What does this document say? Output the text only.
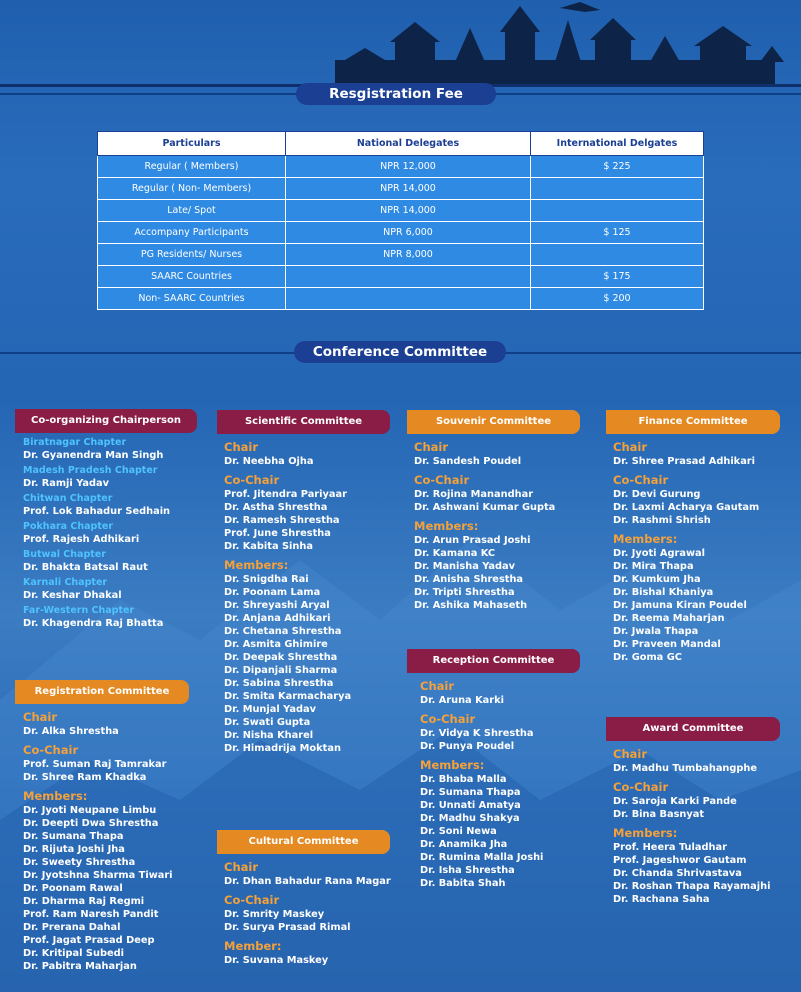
Resgistration Fee
Particulars	National Delegates	International Delgates
Regular ( Members)	NPR 12,000	$ 225
Regular ( Non- Members)	NPR 14,000	
Late/ Spot	NPR 14,000	
Accompany Participants	NPR 6,000	$ 125
PG Residents/ Nurses	NPR 8,000	
SAARC Countries		$ 175
Non- SAARC Countries		$ 200
Conference Committee
Co-organizing Chairperson
Biratnagar Chapter
Dr. Gyanendra Man Singh
Madesh Pradesh Chapter
Dr. Ramji Yadav
Chitwan Chapter
Prof. Lok Bahadur Sedhain
Pokhara Chapter
Prof. Rajesh Adhikari
Butwal Chapter
Dr. Bhakta Batsal Raut
Karnali Chapter
Dr. Keshar Dhakal
Far-Western Chapter
Dr. Khagendra Raj Bhatta
Registration Committee
Chair
Dr. Alka Shrestha
Co-Chair
Prof. Suman Raj Tamrakar
Dr. Shree Ram Khadka
Members:
Dr. Jyoti Neupane Limbu
Dr. Deepti Dwa Shrestha
Dr. Sumana Thapa
Dr. Rijuta Joshi Jha
Dr. Sweety Shrestha
Dr. Jyotshna Sharma Tiwari
Dr. Poonam Rawal
Dr. Dharma Raj Regmi
Prof. Ram Naresh Pandit
Dr. Prerana Dahal
Prof. Jagat Prasad Deep
Dr. Kritipal Subedi
Dr. Pabitra Maharjan
Scientific Committee
Chair
Dr. Neebha Ojha
Co-Chair
Prof. Jitendra Pariyaar
Dr. Astha Shrestha
Dr. Ramesh Shrestha
Prof. June Shrestha
Dr. Kabita Sinha
Members:
Dr. Snigdha Rai
Dr. Poonam Lama
Dr. Shreyashi Aryal
Dr. Anjana Adhikari
Dr. Chetana Shrestha
Dr. Asmita Ghimire
Dr. Deepak Shrestha
Dr. Dipanjali Sharma
Dr. Sabina Shrestha
Dr. Smita Karmacharya
Dr. Munjal Yadav
Dr. Swati Gupta
Dr. Nisha Kharel
Dr. Himadrija Moktan
Cultural Committee
Chair
Dr. Dhan Bahadur Rana Magar
Co-Chair
Dr. Smrity Maskey
Dr. Surya Prasad Rimal
Member:
Dr. Suvana Maskey
Souvenir Committee
Chair
Dr. Sandesh Poudel
Co-Chair
Dr. Rojina Manandhar
Dr. Ashwani Kumar Gupta
Members:
Dr. Arun Prasad Joshi
Dr. Kamana KC
Dr. Manisha Yadav
Dr. Anisha Shrestha
Dr. Tripti Shrestha
Dr. Ashika Mahaseth
Reception Committee
Chair
Dr. Aruna Karki
Co-Chair
Dr. Vidya K Shrestha
Dr. Punya Poudel
Members:
Dr. Bhaba Malla
Dr. Sumana Thapa
Dr. Unnati Amatya
Dr. Madhu Shakya
Dr. Soni Newa
Dr. Anamika Jha
Dr. Rumina Malla Joshi
Dr. Isha Shrestha
Dr. Babita Shah
Finance Committee
Chair
Dr. Shree Prasad Adhikari
Co-Chair
Dr. Devi Gurung
Dr. Laxmi Acharya Gautam
Dr. Rashmi Shrish
Members:
Dr. Jyoti Agrawal
Dr. Mira Thapa
Dr. Kumkum Jha
Dr. Bishal Khaniya
Dr. Jamuna Kiran Poudel
Dr. Reema Maharjan
Dr. Jwala Thapa
Dr. Praveen Mandal
Dr. Goma GC
Award Committee
Chair
Dr. Madhu Tumbahangphe
Co-Chair
Dr. Saroja Karki Pande
Dr. Bina Basnyat
Members:
Prof. Heera Tuladhar
Prof. Jageshwor Gautam
Dr. Chanda Shrivastava
Dr. Roshan Thapa Rayamajhi
Dr. Rachana Saha
